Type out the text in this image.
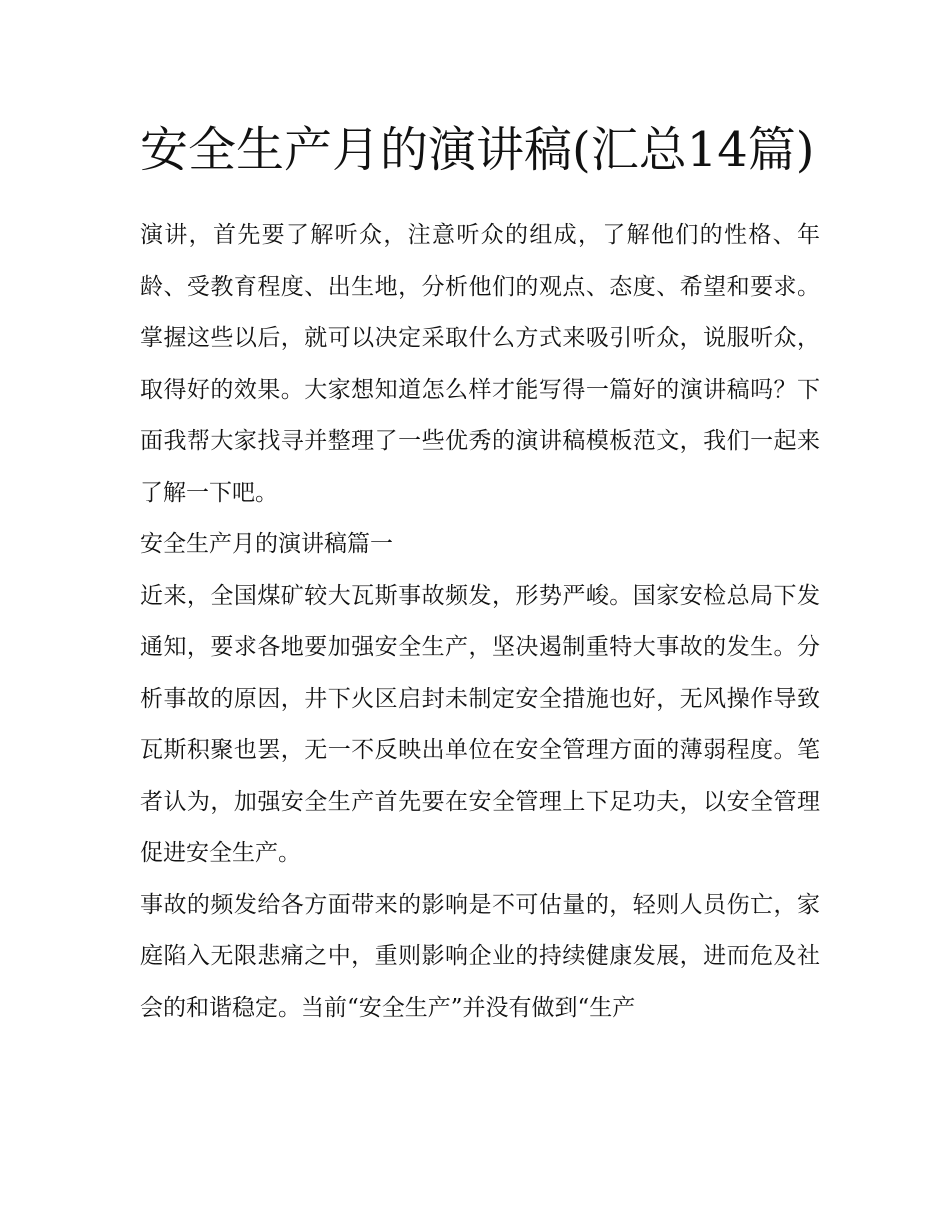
安全生产月的演讲稿(汇总14篇)

演讲，首先要了解听众，注意听众的组成，了解他们的性格、年龄、受教育程度、出生地，分析他们的观点、态度、希望和要求。掌握这些以后，就可以决定采取什么方式来吸引听众，说服听众，取得好的效果。大家想知道怎么样才能写得一篇好的演讲稿吗？下面我帮大家找寻并整理了一些优秀的演讲稿模板范文，我们一起来了解一下吧。

安全生产月的演讲稿篇一

近来，全国煤矿较大瓦斯事故频发，形势严峻。国家安检总局下发通知，要求各地要加强安全生产，坚决遏制重特大事故的发生。分析事故的原因，井下火区启封未制定安全措施也好，无风操作导致瓦斯积聚也罢，无一不反映出单位在安全管理方面的薄弱程度。笔者认为，加强安全生产首先要在安全管理上下足功夫，以安全管理促进安全生产。

事故的频发给各方面带来的影响是不可估量的，轻则人员伤亡，家庭陷入无限悲痛之中，重则影响企业的持续健康发展，进而危及社会的和谐稳定。当前“安全生产”并没有做到“生产
